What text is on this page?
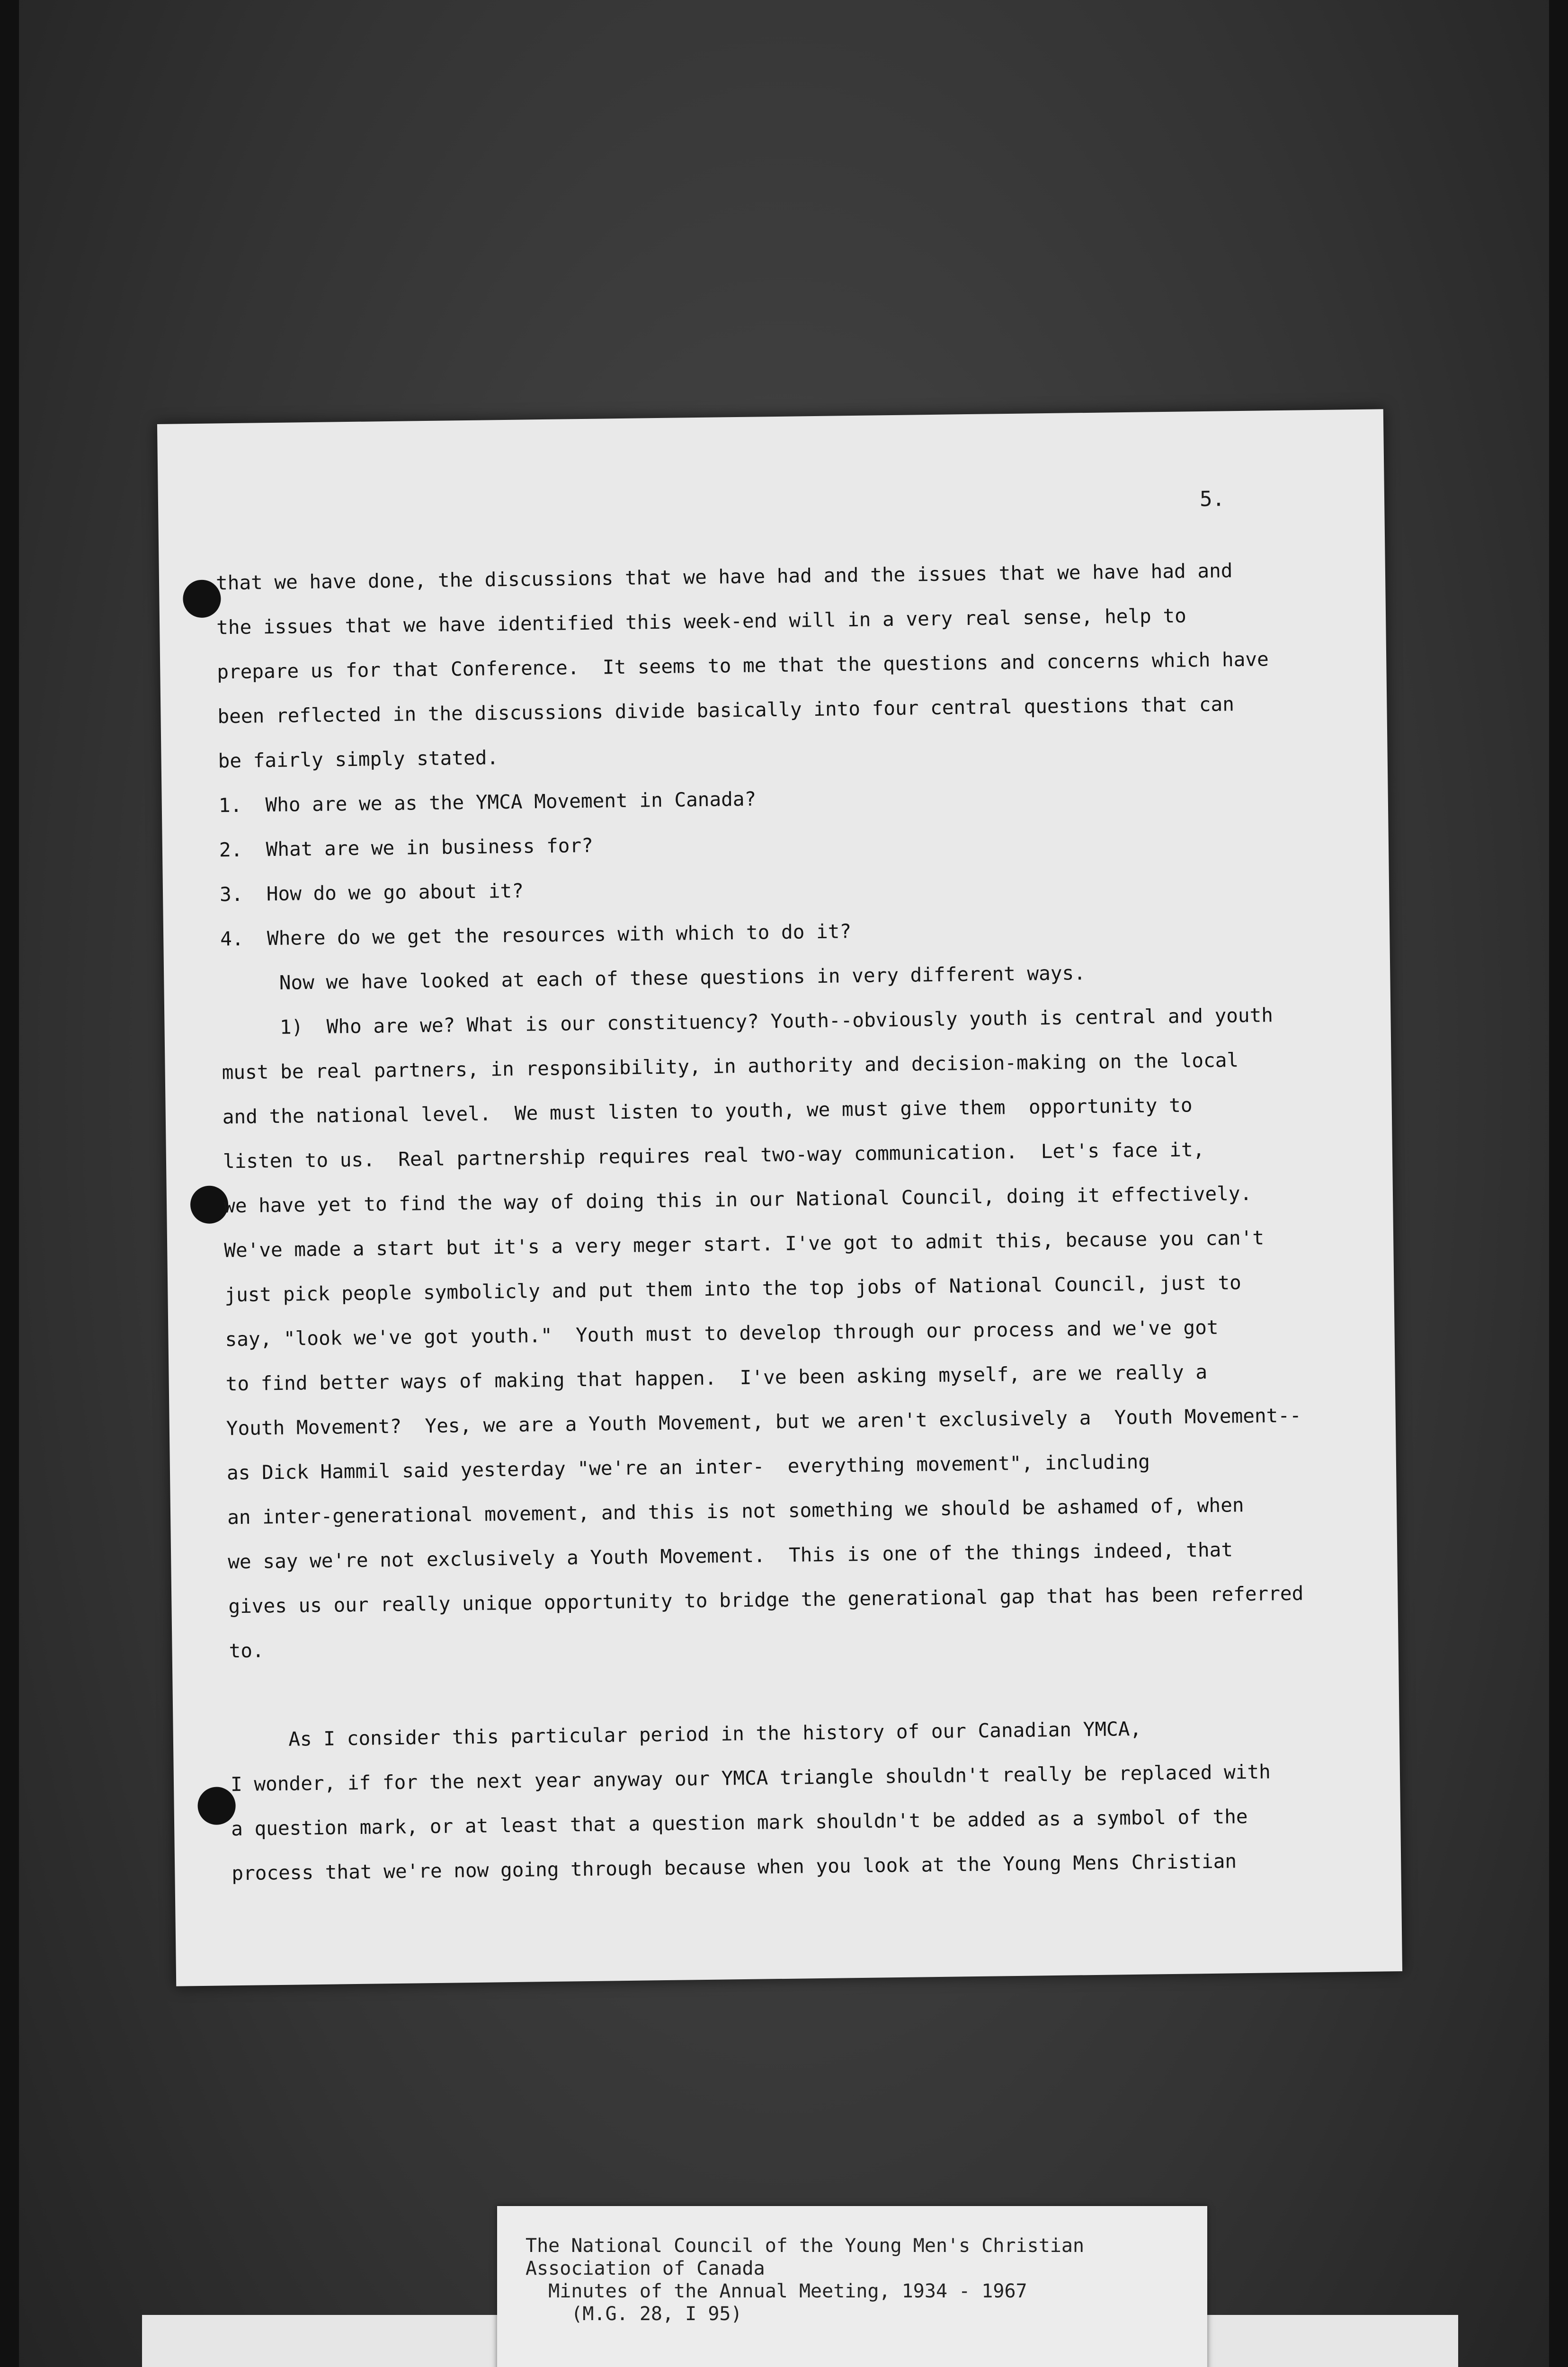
5.
that we have done, the discussions that we have had and the issues that we have had and
the issues that we have identified this week-end will in a very real sense, help to
prepare us for that Conference.  It seems to me that the questions and concerns which have
been reflected in the discussions divide basically into four central questions that can
be fairly simply stated.
1.  Who are we as the YMCA Movement in Canada?
2.  What are we in business for?
3.  How do we go about it?
4.  Where do we get the resources with which to do it?
Now we have looked at each of these questions in very different ways.
1)  Who are we? What is our constituency? Youth--obviously youth is central and youth
must be real partners, in responsibility, in authority and decision-making on the local
and the national level.  We must listen to youth, we must give them  opportunity to
listen to us.  Real partnership requires real two-way communication.  Let's face it,
we have yet to find the way of doing this in our National Council, doing it effectively.
We've made a start but it's a very meger start. I've got to admit this, because you can't
just pick people symbolicly and put them into the top jobs of National Council, just to
say, "look we've got youth."  Youth must to develop through our process and we've got
to find better ways of making that happen.  I've been asking myself, are we really a
Youth Movement?  Yes, we are a Youth Movement, but we aren't exclusively a  Youth Movement--
as Dick Hammil said yesterday "we're an inter-  everything movement", including
an inter-generational movement, and this is not something we should be ashamed of, when
we say we're not exclusively a Youth Movement.  This is one of the things indeed, that
gives us our really unique opportunity to bridge the generational gap that has been referred
to.

As I consider this particular period in the history of our Canadian YMCA,
I wonder, if for the next year anyway our YMCA triangle shouldn't really be replaced with
a question mark, or at least that a question mark shouldn't be added as a symbol of the
process that we're now going through because when you look at the Young Mens Christian
The National Council of the Young Men's Christian
Association of Canada
Minutes of the Annual Meeting, 1934 - 1967
(M.G. 28, I 95)
